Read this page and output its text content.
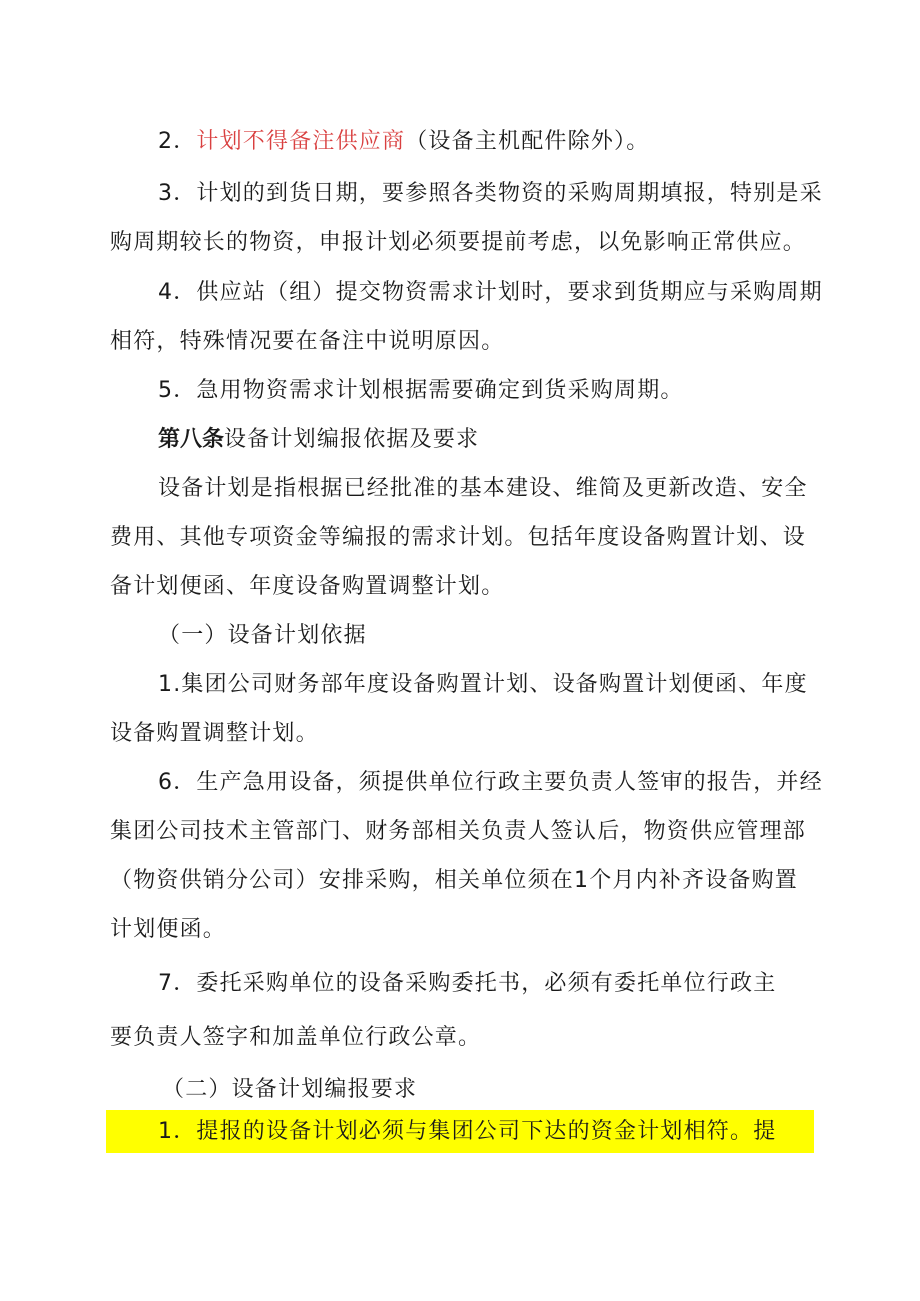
2．计划不得备注供应商（设备主机配件除外）。
3．计划的到货日期，要参照各类物资的采购周期填报，特别是采
购周期较长的物资，申报计划必须要提前考虑，以免影响正常供应。
4．供应站（组）提交物资需求计划时，要求到货期应与采购周期
相符，特殊情况要在备注中说明原因。
5．急用物资需求计划根据需要确定到货采购周期。
第八条设备计划编报依据及要求
设备计划是指根据已经批准的基本建设、维简及更新改造、安全
费用、其他专项资金等编报的需求计划。包括年度设备购置计划、设
备计划便函、年度设备购置调整计划。
（一）设备计划依据
1.集团公司财务部年度设备购置计划、设备购置计划便函、年度
设备购置调整计划。
6．生产急用设备，须提供单位行政主要负责人签审的报告，并经
集团公司技术主管部门、财务部相关负责人签认后，物资供应管理部
（物资供销分公司）安排采购，相关单位须在1个月内补齐设备购置
计划便函。
7．委托采购单位的设备采购委托书，必须有委托单位行政主
要负责人签字和加盖单位行政公章。
（二）设备计划编报要求
1．提报的设备计划必须与集团公司下达的资金计划相符。提
